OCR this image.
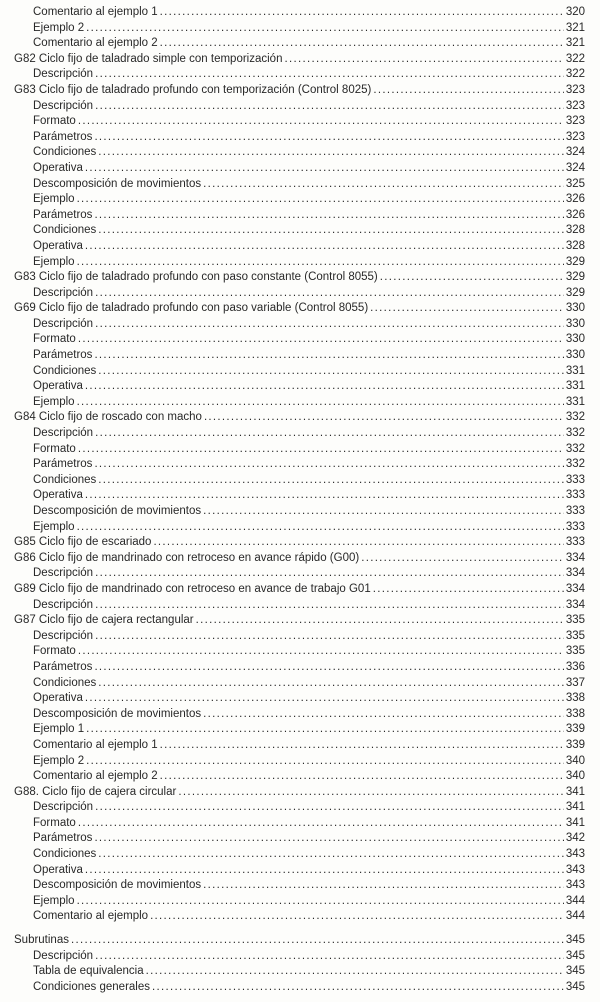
Comentario al ejemplo 1 .....	320
Ejemplo 2 .....	321
Comentario al ejemplo 2 .....	321
G82 Ciclo fijo de taladrado simple con temporización .....	322
Descripción .....	322
G83 Ciclo fijo de taladrado profundo con temporización (Control 8025) .....	323
Descripción .....	323
Formato .....	323
Parámetros .....	323
Condiciones .....	324
Operativa .....	324
Descomposición de movimientos .....	325
Ejemplo .....	326
Parámetros .....	326
Condiciones .....	328
Operativa .....	328
Ejemplo .....	329
G83 Ciclo fijo de taladrado profundo con paso constante (Control 8055) .....	329
Descripción .....	329
G69 Ciclo fijo de taladrado profundo con paso variable (Control 8055) .....	330
Descripción .....	330
Formato .....	330
Parámetros .....	330
Condiciones .....	331
Operativa .....	331
Ejemplo .....	331
G84 Ciclo fijo de roscado con macho .....	332
Descripción .....	332
Formato .....	332
Parámetros .....	332
Condiciones .....	333
Operativa .....	333
Descomposición de movimientos .....	333
Ejemplo .....	333
G85 Ciclo fijo de escariado .....	333
G86 Ciclo fijo de mandrinado con retroceso en avance rápido (G00) .....	334
Descripción .....	334
G89 Ciclo fijo de mandrinado con retroceso en avance de trabajo G01 .....	334
Descripción .....	334
G87 Ciclo fijo de cajera rectangular .....	335
Descripción .....	335
Formato .....	335
Parámetros .....	336
Condiciones .....	337
Operativa .....	338
Descomposición de movimientos .....	338
Ejemplo 1 .....	339
Comentario al ejemplo 1 .....	339
Ejemplo 2 .....	340
Comentario al ejemplo 2 .....	340
G88. Ciclo fijo de cajera circular .....	341
Descripción .....	341
Formato .....	341
Parámetros .....	342
Condiciones .....	343
Operativa .....	343
Descomposición de movimientos .....	343
Ejemplo .....	344
Comentario al ejemplo .....	344
Subrutinas .....	345
Descripción .....	345
Tabla de equivalencia .....	345
Condiciones generales .....	345
